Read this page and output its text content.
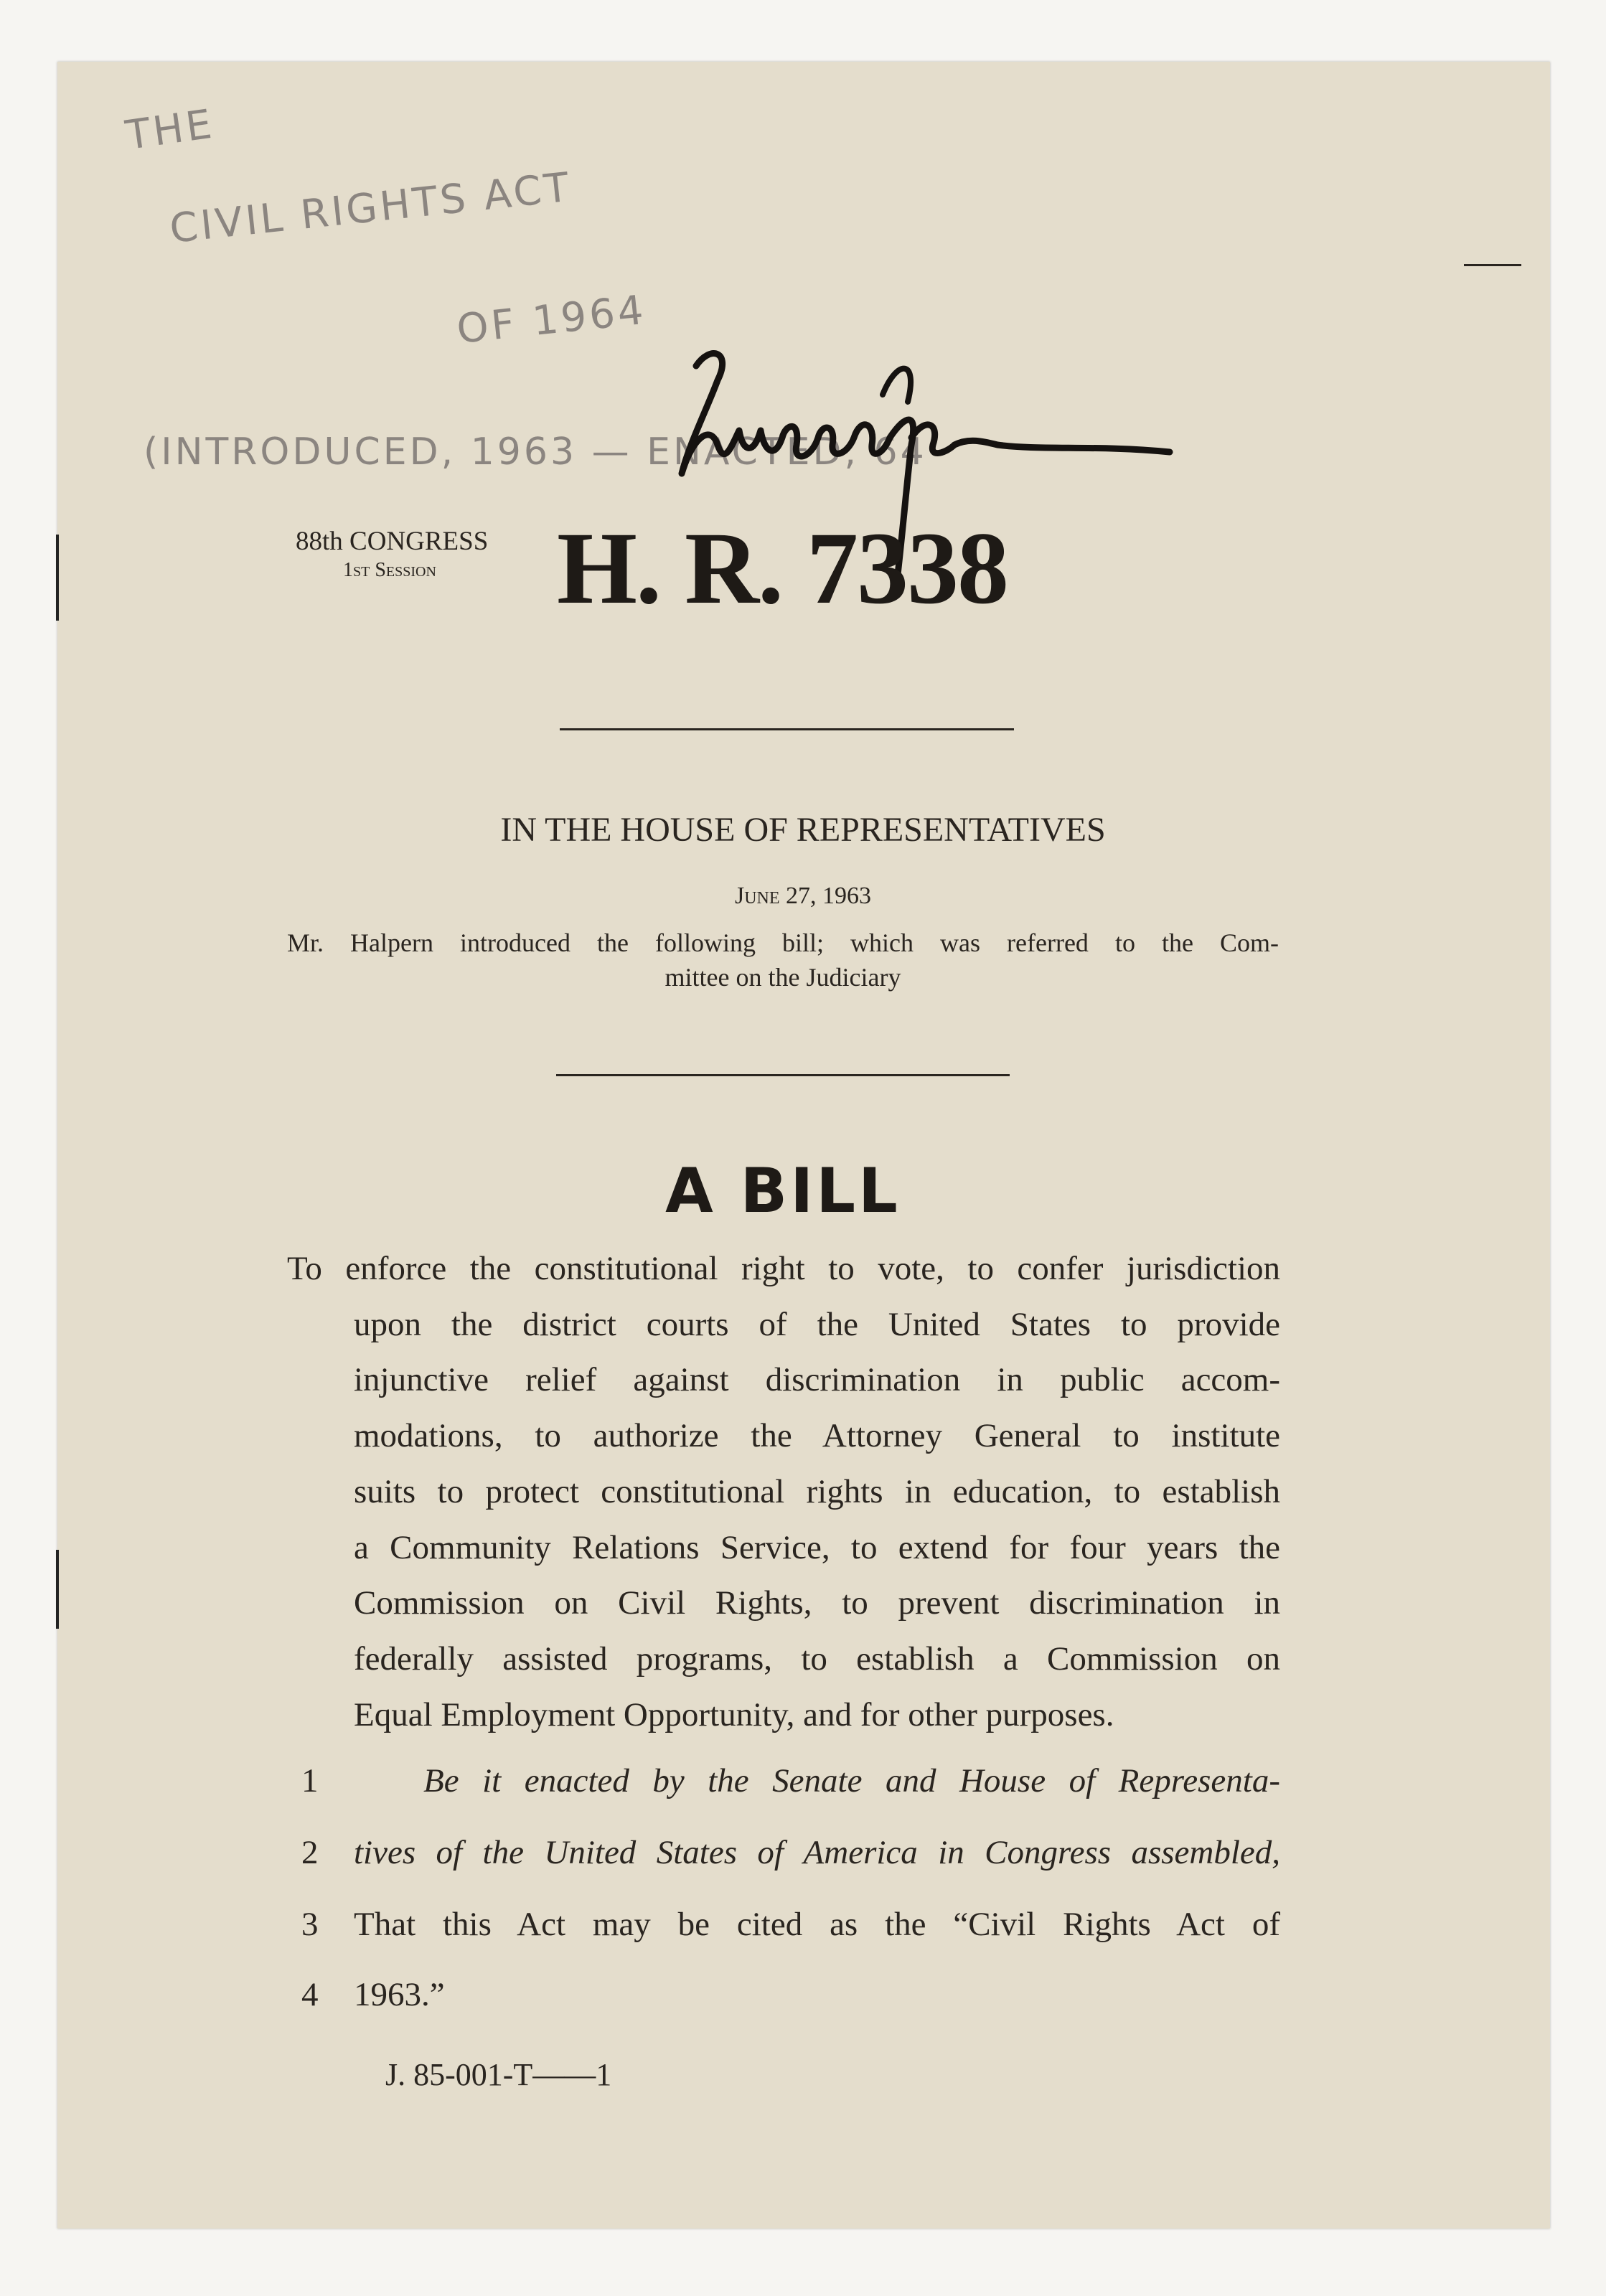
THE
CIVIL RIGHTS ACT
OF 1964
(INTRODUCED, 1963 — ENACTED, 64
88th CONGRESS
1st Session H. R. 7338
IN THE HOUSE OF REPRESENTATIVES
June 27, 1963
Mr. Halpern introduced the following bill; which was referred to the Com-
mittee on the Judiciary
A BILL
To enforce the constitutional right to vote, to confer jurisdiction
upon the district courts of the United States to provide
injunctive relief against discrimination in public accom-
modations, to authorize the Attorney General to institute
suits to protect constitutional rights in education, to establish
a Community Relations Service, to extend for four years the
Commission on Civil Rights, to prevent discrimination in
federally assisted programs, to establish a Commission on
Equal Employment Opportunity, and for other purposes.
1	Be it enacted by the Senate and House of Representa-
2	tives of the United States of America in Congress assembled,
3	That this Act may be cited as the “Civil Rights Act of
4	1963.”
J. 85-001-T——1
